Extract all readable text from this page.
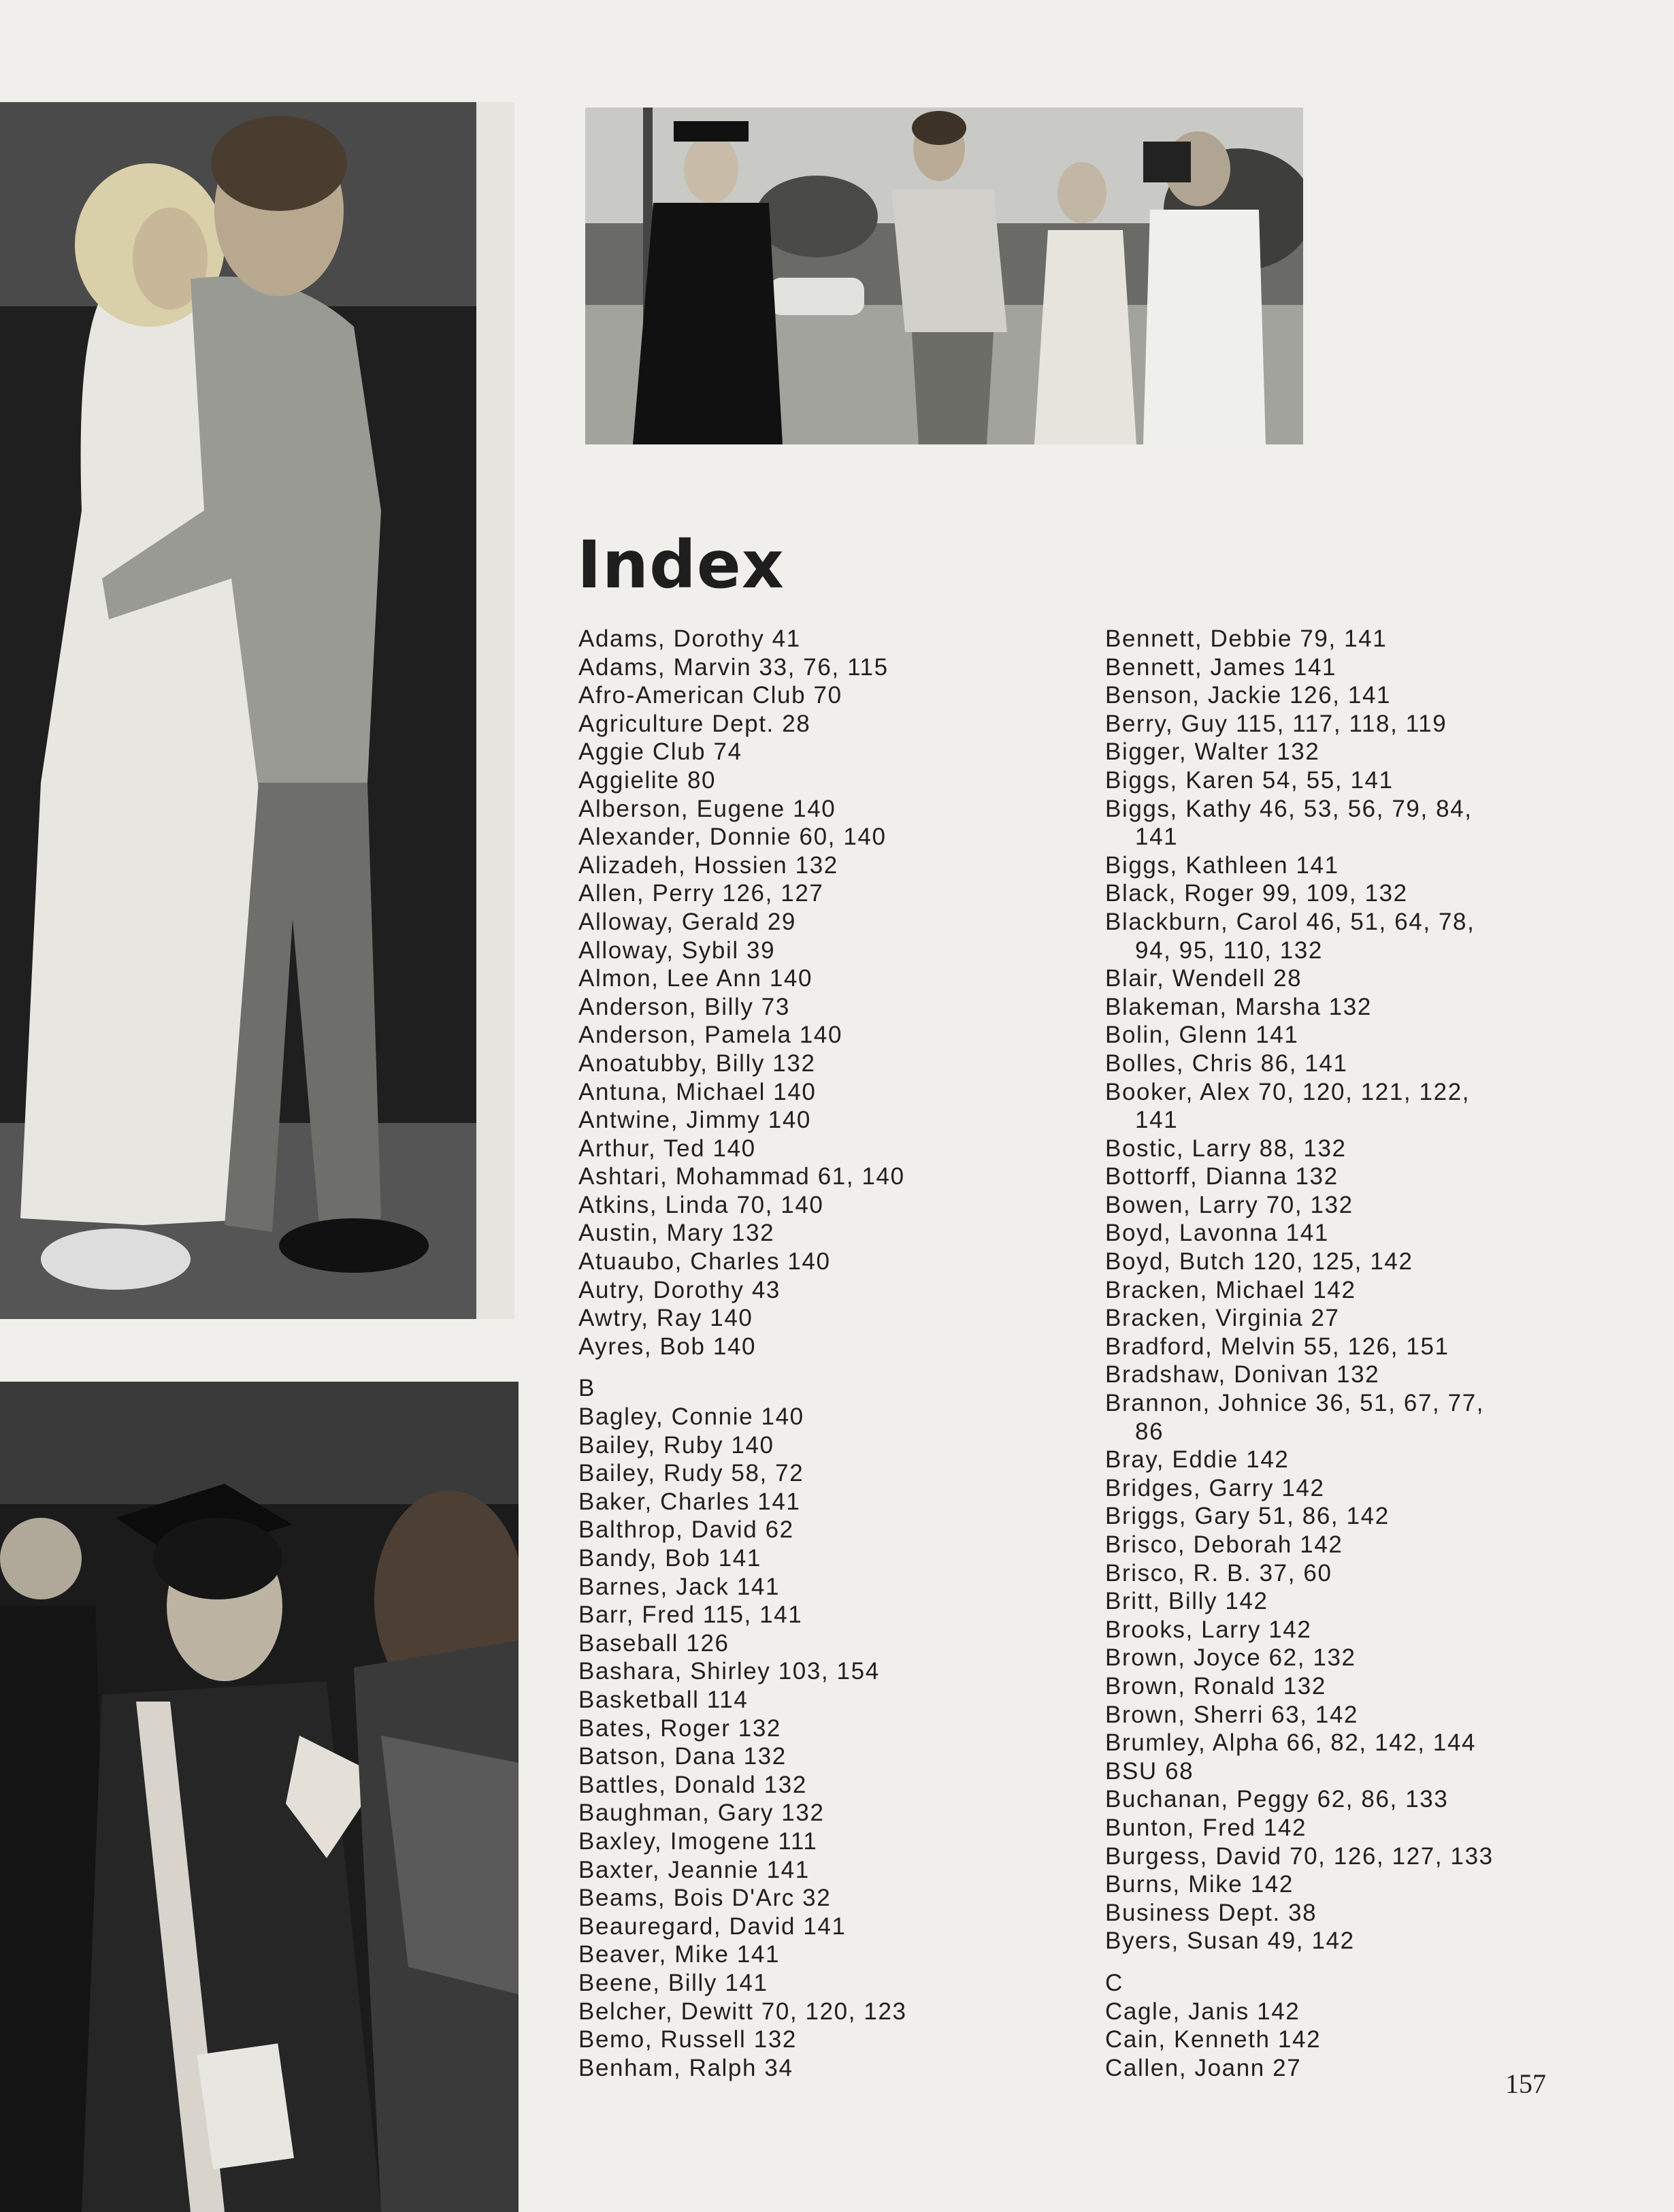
Index
Adams, Dorothy 41
Adams, Marvin 33, 76, 115
Afro-American Club 70
Agriculture Dept. 28
Aggie Club 74
Aggielite 80
Alberson, Eugene 140
Alexander, Donnie 60, 140
Alizadeh, Hossien 132
Allen, Perry 126, 127
Alloway, Gerald 29
Alloway, Sybil 39
Almon, Lee Ann 140
Anderson, Billy 73
Anderson, Pamela 140
Anoatubby, Billy 132
Antuna, Michael 140
Antwine, Jimmy 140
Arthur, Ted 140
Ashtari, Mohammad 61, 140
Atkins, Linda 70, 140
Austin, Mary 132
Atuaubo, Charles 140
Autry, Dorothy 43
Awtry, Ray 140
Ayres, Bob 140
B
Bagley, Connie 140
Bailey, Ruby 140
Bailey, Rudy 58, 72
Baker, Charles 141
Balthrop, David 62
Bandy, Bob 141
Barnes, Jack 141
Barr, Fred 115, 141
Baseball 126
Bashara, Shirley 103, 154
Basketball 114
Bates, Roger 132
Batson, Dana 132
Battles, Donald 132
Baughman, Gary 132
Baxley, Imogene 111
Baxter, Jeannie 141
Beams, Bois D'Arc 32
Beauregard, David 141
Beaver, Mike 141
Beene, Billy 141
Belcher, Dewitt 70, 120, 123
Bemo, Russell 132
Benham, Ralph 34
Bennett, Debbie 79, 141
Bennett, James 141
Benson, Jackie 126, 141
Berry, Guy 115, 117, 118, 119
Bigger, Walter 132
Biggs, Karen 54, 55, 141
Biggs, Kathy 46, 53, 56, 79, 84,
141
Biggs, Kathleen 141
Black, Roger 99, 109, 132
Blackburn, Carol 46, 51, 64, 78,
94, 95, 110, 132
Blair, Wendell 28
Blakeman, Marsha 132
Bolin, Glenn 141
Bolles, Chris 86, 141
Booker, Alex 70, 120, 121, 122,
141
Bostic, Larry 88, 132
Bottorff, Dianna 132
Bowen, Larry 70, 132
Boyd, Lavonna 141
Boyd, Butch 120, 125, 142
Bracken, Michael 142
Bracken, Virginia 27
Bradford, Melvin 55, 126, 151
Bradshaw, Donivan 132
Brannon, Johnice 36, 51, 67, 77,
86
Bray, Eddie 142
Bridges, Garry 142
Briggs, Gary 51, 86, 142
Brisco, Deborah 142
Brisco, R. B. 37, 60
Britt, Billy 142
Brooks, Larry 142
Brown, Joyce 62, 132
Brown, Ronald 132
Brown, Sherri 63, 142
Brumley, Alpha 66, 82, 142, 144
BSU 68
Buchanan, Peggy 62, 86, 133
Bunton, Fred 142
Burgess, David 70, 126, 127, 133
Burns, Mike 142
Business Dept. 38
Byers, Susan 49, 142
C
Cagle, Janis 142
Cain, Kenneth 142
Callen, Joann 27
157
